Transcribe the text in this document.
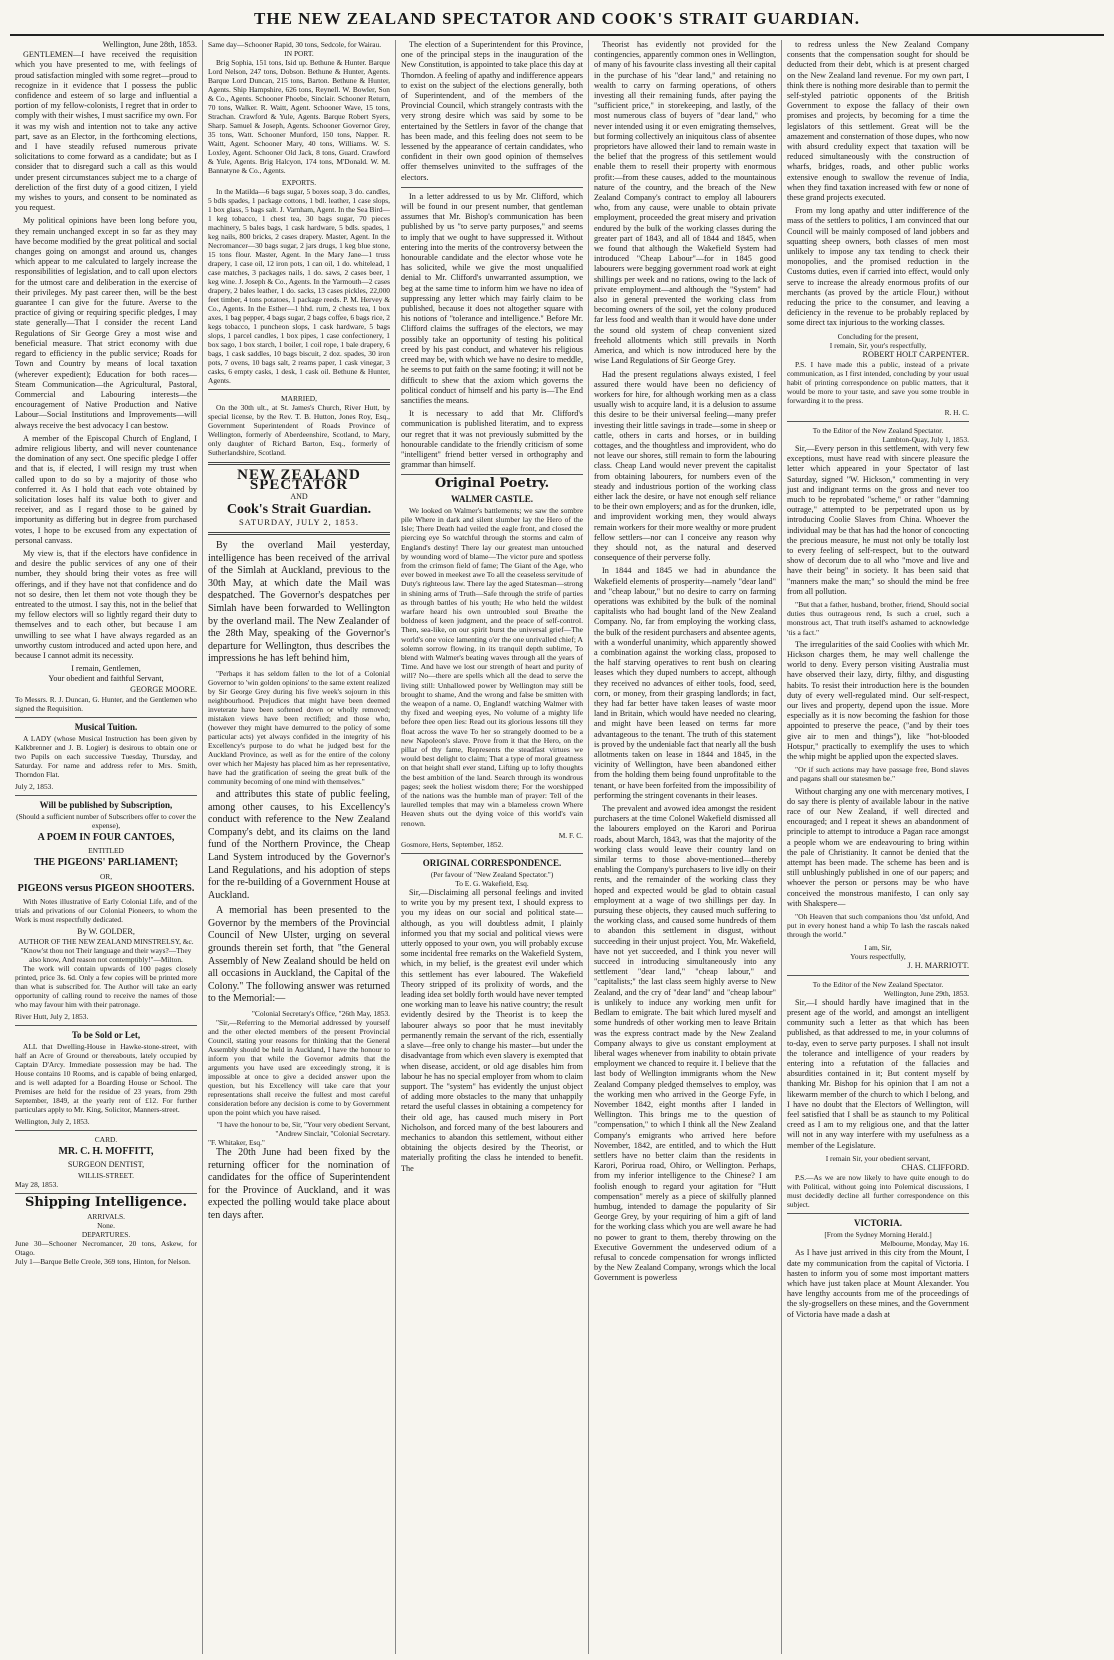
THE NEW ZEALAND SPECTATOR AND COOK'S STRAIT GUARDIAN.
Wellington, June 28th, 1853.

GENTLEMEN—I have received the requisition which you have presented to me, with feelings of proud satisfaction mingled with some regret—proud to recognize in it evidence that I possess the public confidence and esteem of so large and influential a portion of my fellow-colonists, I regret that in order to comply with their wishes, I must sacrifice my own. For it was my wish and intention not to take any active part, save as an Elector, in the forthcoming elections, and I have steadily refused numerous private solicitations to come forward as a candidate; but as I consider that to disregard such a call as this would under present circumstances subject me to a charge of dereliction of the first duty of a good citizen, I yield my wishes to yours, and consent to be nominated as you request.

My political opinions have been long before you, they remain unchanged except in so far as they may have become modified by the great political and social changes going on amongst and around us, changes which appear to me calculated to largely increase the responsibilities of legislation, and to call upon electors for the utmost care and deliberation in the exercise of their privileges. My past career then, will be the best guarantee I can give for the future. Averse to the practice of giving or requiring specific pledges, I may state generally—That I consider the recent Land Regulations of Sir George Grey a most wise and beneficial measure. That strict economy with due regard to efficiency in the public service; Roads for Town and Country by means of local taxation (wherever expedient); Education for both races—Steam Communication—the Agricultural, Pastoral, Commercial and Labouring interests—the encouragement of Native Production and Native Labour—Social Institutions and Improvements—will always receive the best advocacy I can bestow.

A member of the Episcopal Church of England, I admire religious liberty, and will never countenance the domination of any sect. One specific pledge I offer and that is, if elected, I will resign my trust when called upon to do so by a majority of those who conferred it. As I hold that each vote obtained by solicitation loses half its value both to giver and receiver, and as I regard those to be gained by importunity as differing but in degree from purchased votes, I hope to be excused from any expectation of personal canvass.

My view is, that if the electors have confidence in and desire the public services of any one of their number, they should bring their votes as free will offerings, and if they have not that confidence and do not so desire, then let them not vote though they be entreated to the utmost. I say this, not in the belief that my fellow electors will so lightly regard their duty to themselves and to each other, but because I am unwilling to see what I have always regarded as an unworthy custom introduced and acted upon here, and because I cannot admit its necessity.

I remain, Gentlemen,
Your obedient and faithful Servant,
GEORGE MOORE.
To Messrs. R. J. Duncan, G. Hunter, and the Gentlemen who signed the Requisition.
Musical Tuition.

A LADY (whose Musical Instruction has been given by Kalkbrenner and J. B. Logier) is desirous to obtain one or two Pupils on each successive Tuesday, Thursday, and Saturday. For name and address refer to Mrs. Smith, Thorndon Flat.

July 2, 1853.
Will be published by Subscription,
(Should a sufficient number of Subscribers offer to cover the expense),
A POEM IN FOUR CANTOES,
ENTITLED
THE PIGEONS' PARLIAMENT;
OR,
PIGEONS versus PIGEON SHOOTERS.

With Notes illustrative of Early Colonial Life, and of the trials and privations of our Colonial Pioneers, to whom the Work is most respectfully dedicated.

By W. GOLDER,
AUTHOR OF THE NEW ZEALAND MINSTRELSY, &c.
"Know'st thou not Their language and their ways?—They also know, And reason not contemptibly!"—Milton.

The work will contain upwards of 100 pages closely printed, price 3s. 6d. Only a few copies will be printed more than what is subscribed for. The Author will take an early opportunity of calling round to receive the names of those who may favour him with their patronage.

River Hutt, July 2, 1853.
To be Sold or Let,

ALL that Dwelling-House in Hawke-stone-street, with half an Acre of Ground or thereabouts, lately occupied by Captain D'Arcy. Immediate possession may be had. The House contains 10 Rooms, and is capable of being enlarged, and is well adapted for a Boarding House or School. The Premises are held for the residue of 23 years, from 29th September, 1849, at the yearly rent of £12. For further particulars apply to Mr. King, Solicitor, Manners-street.

Wellington, July 2, 1853.
CARD.
MR. C. H. MOFFITT,
SURGEON DENTIST,
WILLIS-STREET.
May 28, 1853.
Shipping Intelligence.
ARRIVALS.
None.
DEPARTURES.
June 30—Schooner Necromancer, 20 tons, Askew, for Otago.
July 1—Barque Belle Creole, 369 tons, Hinton, for Nelson.
Same day—Schooner Rapid, 30 tons, Sedcole, for Wairau.
IN PORT.

Brig Sophia, 151 tons, Isid up. Bethune & Hunter. Barque Lord Nelson, 247 tons, Dobson. Bethune & Hunter, Agents. Barque Lord Duncan, 215 tons, Barton. Bethune & Hunter, Agents. Ship Hampshire, 626 tons, Reynell. W. Bowler, Son & Co., Agents. Schooner Phoebe, Sinclair. Schooner Return, 70 tons, Walker. R. Waitt, Agent. Schooner Wave, 15 tons, Strachan. Crawford & Yule, Agents. Barque Robert Syers, Sharp. Samuel & Joseph, Agents. Schooner Governor Grey, 35 tons, Watt. Schooner Munford, 150 tons, Napper. R. Waitt, Agent. Schooner Mary, 40 tons, Williams. W. S. Loxley, Agent. Schooner Old Jack, 8 tons, Guard. Crawford & Yule, Agents. Brig Halcyon, 174 tons, M'Donald. W. M. Bannatyne & Co., Agents.

EXPORTS.

In the Matilda—6 bags sugar, 5 boxes soap, 3 do. candles, 5 bdls spades, 1 package cottons, 1 bdl. leather, 1 case slops, 1 box glass, 5 bags salt. J. Varnham, Agent. In the Sea Bird—1 keg tobacco, 1 chest tea, 30 bags sugar, 70 pieces machinery, 5 bales bags, 1 cask hardware, 5 bdls. spades, 1 keg nails, 800 bricks, 2 cases drapery. Master, Agent. In the Necromancer—30 bags sugar, 2 jars drugs, 1 keg blue stone, 15 tons flour. Master, Agent. In the Mary Jane—1 truss drapery, 1 case oil, 12 iron pots, 1 can oil, 1 do. whitelead, 1 case matches, 3 packages nails, 1 do. saws, 2 cases beer, 1 keg wine. J. Joseph & Co., Agents. In the Yarmouth—2 cases drapery, 2 bales leather, 1 do. sacks, 13 cases pickles, 22,000 feet timber, 4 tons potatoes, 1 package reeds. P. M. Hervey & Co., Agents. In the Esther—1 hhd. rum, 2 chests tea, 1 box axes, 1 bag pepper, 4 bags sugar, 2 bags coffee, 6 bags rice, 2 kegs tobacco, 1 puncheon slops, 1 cask hardware, 5 bags slops, 1 parcel candles, 1 box pipes, 1 case confectionery, 1 box sago, 1 box starch, 1 boiler, 1 coil rope, 1 bale drapery, 6 bags, 1 cask saddles, 10 bags biscuit, 2 doz. spades, 30 iron pots, 7 ovens, 10 bags salt, 2 reams paper, 1 cask vinegar, 3 casks, 6 empty casks, 1 desk, 1 cask oil. Bethune & Hunter, Agents.

MARRIED,

On the 30th ult., at St. James's Church, River Hutt, by special license, by the Rev. T. B. Hutton, Jones Roy, Esq., Government Superintendent of Roads Province of Wellington, formerly of Aberdeenshire, Scotland, to Mary, only daughter of Richard Barton, Esq., formerly of Sutherlandshire, Scotland.

NEW ZEALAND SPECTATOR
AND
Cook's Strait Guardian.
SATURDAY, JULY 2, 1853.

By the overland Mail yesterday, intelligence has been received of the arrival of the Simlah at Auckland, previous to the 30th May, at which date the Mail was despatched. The Governor's despatches per Simlah have been forwarded to Wellington by the overland mail. The New Zealander of the 28th May, speaking of the Governor's departure for Wellington, thus describes the impressions he has left behind him,

"Perhaps it has seldom fallen to the lot of a Colonial Governor to 'win golden opinions' to the same extent realized by Sir George Grey during his five week's sojourn in this neighbourhood. Prejudices that might have been deemed inveterate have been softened down or wholly removed; mistaken views have been rectified; and those who, (however they might have demurred to the policy of some particular acts) yet always confided in the integrity of his Excellency's purpose to do what he judged best for the Auckland Province, as well as for the entire of the colony over which her Majesty has placed him as her representative, have had the gratification of seeing the great bulk of the community becoming of one mind with themselves."

and attributes this state of public feeling, among other causes, to his Excellency's conduct with reference to the New Zealand Company's debt, and its claims on the land fund of the Northern Province, the Cheap Land System introduced by the Governor's Land Regulations, and his adoption of steps for the re-building of a Government House at Auckland.

A memorial has been presented to the Governor by the members of the Provincial Council of New Ulster, urging on several grounds therein set forth, that "the General Assembly of New Zealand should be held on all occasions in Auckland, the Capital of the Colony." The following answer was returned to the Memorial:—

"Colonial Secretary's Office, "26th May, 1853.

"Sir,—Referring to the Memorial addressed by yourself and the other elected members of the present Provincial Council, stating your reasons for thinking that the General Assembly should be held in Auckland, I have the honour to inform you that while the Governor admits that the arguments you have used are exceedingly strong, it is impossible at once to give a decided answer upon the question, but his Excellency will take care that your representations shall receive the fullest and most careful consideration before any decision is come to by Government upon the point which you have raised.

"I have the honour to be, Sir, "Your very obedient Servant, "Andrew Sinclair, "Colonial Secretary.
"F. Whitaker, Esq."

The 20th June had been fixed by the returning officer for the nomination of candidates for the office of Superintendent for the Province of Auckland, and it was expected the polling would take place about ten days after.

The election of a Superintendent for this Province, one of the principal steps in the inauguration of the New Constitution, is appointed to take place this day at Thorndon. A feeling of apathy and indifference appears to exist on the subject of the elections generally, both of Superintendent, and of the members of the Provincial Council, which strangely contrasts with the very strong desire which was said by some to be entertained by the Settlers in favor of the change that has been made, and this feeling does not seem to be lessened by the appearance of certain candidates, who confident in their own good opinion of themselves offer themselves uninvited to the suffrages of the electors.

In a letter addressed to us by Mr. Clifford, which will be found in our present number, that gentleman assumes that Mr. Bishop's communication has been published by us "to serve party purposes," and seems to imply that we ought to have suppressed it. Without entering into the merits of the controversy between the honourable candidate and the elector whose vote he has solicited, while we give the most unqualified denial to Mr. Clifford's unwarranted assumption, we beg at the same time to inform him we have no idea of suppressing any letter which may fairly claim to be published, because it does not altogether square with his notions of "tolerance and intelligence." Before Mr. Clifford claims the suffrages of the electors, we may possibly take an opportunity of testing his political creed by his past conduct, and whatever his religious creed may be, with which we have no desire to meddle, he seems to put faith on the same footing; it will not be difficult to shew that the axiom which governs the political conduct of himself and his party is—The End sanctifies the means.

It is necessary to add that Mr. Clifford's communication is published literatim, and to express our regret that it was not previously submitted by the honourable candidate to the friendly criticism of some "intelligent" friend better versed in orthography and grammar than himself.

Original Poetry.
WALMER CASTLE.

We looked on Walmer's battlements; we saw the sombre pile Where in dark and silent slumber lay the Hero of the Isle; There Death had veiled the eagle front, and closed the piercing eye So watchful through the storms and calm of England's destiny! There lay our greatest man untouched by wounding word of blame—The victor pure and spotless from the crimson field of fame; The Giant of the Age, who ever bowed in meekest awe To all the ceaseless servitude of Duty's righteous law. There lay the aged Statesman—strong in shining arms of Truth—Safe through the strife of parties as through battles of his youth; He who held the wildest warfare heard his own untroubled soul Breathe the boldness of keen judgment, and the peace of self-control. Then, sea-like, on our spirit burst the universal grief—The world's one voice lamenting o'er the one unrivalled chief; A solemn sorrow flowing, in its tranquil depth sublime, To blend with Walmer's beating waves through all the years of Time. And have we lost our strength of heart and purity of will? No—there are spells which all the dead to serve the living still: Unhallowed power by Wellington may still be brought to shame, And the wrong and false be smitten with the weapon of a name. O, England! watching Walmer with thy fixed and weeping eyes, No volume of a mighty life before thee open lies: Read out its glorious lessons till they float across the wave To her so strangely doomed to be a new Napoleon's slave. Prove from it that the Hero, on the pillar of thy fame, Represents the steadfast virtues we would best delight to claim; That a type of moral greatness on that height shall ever stand, Lifting up to lofty thoughts the best ambition of the land. Search through its wondrous pages; seek the holiest wisdom there; For the worshipped of the nations was the humble man of prayer: Tell of the laurelled temples that may win a blameless crown Where Heaven shuts out the dying voice of this world's vain renown.

M. F. C.
Gosmore, Herts, September, 1852.
ORIGINAL CORRESPONDENCE.
(Per favour of "New Zealand Spectator.")
To E. G. Wakefield, Esq.

Sir,—Disclaiming all personal feelings and invited to write you by my present text, I should express to you my ideas on our social and political state—although, as you will doubtless admit, I plainly informed you that my social and political views were utterly opposed to your own, you will probably excuse some incidental free remarks on the Wakefield System, which, in my belief, is the greatest evil under which this settlement has ever laboured. The Wakefield Theory stripped of its prolixity of words, and the leading idea set boldly forth would have never tempted one working man to leave his native country; the result evidently desired by the Theorist is to keep the labourer always so poor that he must inevitably permanently remain the servant of the rich, essentially a slave—free only to change his master—but under the disadvantage from which even slavery is exempted that when disease, accident, or old age disables him from labour he has no special employer from whom to claim support. The "system" has evidently the unjust object of adding more obstacles to the many that unhappily retard the useful classes in obtaining a competency for their old age, has caused much misery in Port Nicholson, and forced many of the best labourers and mechanics to abandon this settlement, without either obtaining the objects desired by the Theorist, or materially profiting the class he intended to benefit. The

Theorist has evidently not provided for the contingencies, apparently common ones in Wellington, of many of his favourite class investing all their capital in the purchase of his "dear land," and retaining no wealth to carry on farming operations, of others investing all their remaining funds, after paying the "sufficient price," in storekeeping, and lastly, of the most numerous class of buyers of "dear land," who never intended using it or even emigrating themselves, but forming collectively an iniquitous class of absentee proprietors have allowed their land to remain waste in the belief that the progress of this settlement would enable them to resell their property with enormous profit:—from these causes, added to the mountainous nature of the country, and the breach of the New Zealand Company's contract to employ all labourers who, from any cause, were unable to obtain private employment, proceeded the great misery and privation endured by the bulk of the working classes during the greater part of 1843, and all of 1844 and 1845, when we found that although the Wakefield System had introduced "Cheap Labour"—for in 1845 good labourers were begging government road work at eight shillings per week and no rations, owing to the lack of private employment—and although the "System" had also in general prevented the working class from becoming owners of the soil, yet the colony produced far less food and wealth than it would have done under the sound old system of cheap convenient sized freehold allotments which still prevails in North America, and which is now introduced here by the wise Land Regulations of Sir George Grey.

Had the present regulations always existed, I feel assured there would have been no deficiency of workers for hire, for although working men as a class usually wish to acquire land, it is a delusion to assume this desire to be their universal feeling—many prefer investing their little savings in trade—some in sheep or cattle, others in carts and horses, or in building cottages, and the thoughtless and improvident, who do not leave our shores, still remain to form the labouring class. Cheap Land would never prevent the capitalist from obtaining labourers, for numbers even of the steady and industrious portion of the working class either lack the desire, or have not enough self reliance to be their own employers; and as for the drunken, idle, and improvident working men, they would always remain workers for their more wealthy or more prudent fellow settlers—nor can I conceive any reason why they should not, as the natural and deserved consequence of their perverse folly.

In 1844 and 1845 we had in abundance the Wakefield elements of prosperity—namely "dear land" and "cheap labour," but no desire to carry on farming operations was exhibited by the bulk of the nominal capitalists who had bought land of the New Zealand Company. No, far from employing the working class, the bulk of the resident purchasers and absentee agents, with a wonderful unanimity, which apparently showed a combination against the working class, proposed to the half starving operatives to rent bush on clearing leases which they duped numbers to accept, although they received no advances of either tools, food, seed, corn, or money, from their grasping landlords; in fact, they had far better have taken leases of waste moor land in Britain, which would have needed no clearing, and might have been leased on terms far more advantageous to the tenant. The truth of this statement is proved by the undeniable fact that nearly all the bush allotments taken on lease in 1844 and 1845, in the vicinity of Wellington, have been abandoned either from the holding them being found unprofitable to the tenant, or have been forfeited from the impossibility of performing the stringent covenants in their leases.

The prevalent and avowed idea amongst the resident purchasers at the time Colonel Wakefield dismissed all the labourers employed on the Karori and Porirua roads, about March, 1843, was that the majority of the working class would leave their country land on similar terms to those above-mentioned—thereby enabling the Company's purchasers to live idly on their rents, and the remainder of the working class they hoped and expected would be glad to obtain casual employment at a wage of two shillings per day. In pursuing these objects, they caused much suffering to the working class, and caused some hundreds of them to abandon this settlement in disgust, without succeeding in their unjust project. You, Mr. Wakefield, have not yet succeeded, and I think you never will succeed in introducing simultaneously into any settlement "dear land," "cheap labour," and "capitalists;" the last class seem highly averse to New Zealand, and the cry of "dear land" and "cheap labour" is unlikely to induce any working men unfit for Bedlam to emigrate. The bait which lured myself and some hundreds of other working men to leave Britain was the express contract made by the New Zealand Company always to give us constant employment at liberal wages whenever from inability to obtain private employment we chanced to require it. I believe that the last body of Wellington immigrants whom the New Zealand Company pledged themselves to employ, was the working men who arrived in the George Fyfe, in November 1842, eight months after I landed in Wellington. This brings me to the question of "compensation," to which I think all the New Zealand Company's emigrants who arrived here before November, 1842, are entitled, and to which the Hutt settlers have no better claim than the residents in Karori, Porirua road, Ohiro, or Wellington. Perhaps, from my inferior intelligence to the Chinese? I am foolish enough to regard your agitation for "Hutt compensation" merely as a piece of skilfully planned humbug, intended to damage the popularity of Sir George Grey, by your requiring of him a gift of land for the working class which you are well aware he had no power to grant to them, thereby throwing on the Executive Government the undeserved odium of a refusal to concede compensation for wrongs inflicted by the New Zealand Company, wrongs which the local Government is powerless

to redress unless the New Zealand Company consents that the compensation sought for should be deducted from their debt, which is at present charged on the New Zealand land revenue. For my own part, I think there is nothing more desirable than to permit the self-styled patriotic opponents of the British Government to expose the fallacy of their own promises and projects, by becoming for a time the legislators of this settlement. Great will be the amazement and consternation of those dupes, who now with absurd credulity expect that taxation will be reduced simultaneously with the construction of wharfs, bridges, roads, and other public works extensive enough to swallow the revenue of India, when they find taxation increased with few or none of these grand projects executed.

From my long apathy and utter indifference of the mass of the settlers to politics, I am convinced that our Council will be mainly composed of land jobbers and squatting sheep owners, both classes of men most unlikely to impose any tax tending to check their monopolies, and the promised reduction in the Customs duties, even if carried into effect, would only serve to increase the already enormous profits of our merchants (as proved by the article Flour,) without reducing the price to the consumer, and leaving a deficiency in the revenue to be probably replaced by some direct tax injurious to the working classes.

Concluding for the present,
I remain, Sir, your's respectfully,
ROBERT HOLT CARPENTER.

P.S. I have made this a public, instead of a private communication, as I first intended, concluding by your usual habit of printing correspondence on public matters, that it would be more to your taste, and save you some trouble in forwarding it to the press.

R. H. C.
To the Editor of the New Zealand Spectator.
Lambton-Quay, July 1, 1853.

Sir,—Every person in this settlement, with very few exceptions, must have read with sincere pleasure the letter which appeared in your Spectator of last Saturday, signed "W. Hickson," commenting in very just and indignant terms on the gross and never too much to be reprobated "scheme," or rather "damning outrage," attempted to be perpetrated upon us by introducing Coolie Slaves from China. Whoever the individual may be that has had the honor of concocting the precious measure, he must not only be totally lost to every feeling of self-respect, but to the outward show of decorum due to all who "move and live and have their being" in society. It has been said that "manners make the man;" so should the mind be free from all pollution.

"But that a father, husband, brother, friend, Should social duties thus outrageous rend, Is such a cruel, such a monstrous act, That truth itself's ashamed to acknowledge 'tis a fact."

The irregularities of the said Coolies with which Mr. Hickson charges them, he may well challenge the world to deny. Every person visiting Australia must have observed their lazy, dirty, filthy, and disgusting habits. To resist their introduction here is the bounden duty of every well-regulated mind. Our self-respect, our lives and property, depend upon the issue. More especially as it is now becoming the fashion for those appointed to preserve the peace, ("and by their toes give air to men and things"), like "hot-blooded Hotspur," practically to exemplify the uses to which the whip might be applied upon the expected slaves.

"Or if such actions may have passage free, Bond slaves and pagans shall our statesmen be."

Without charging any one with mercenary motives, I do say there is plenty of available labour in the native race of our New Zealand, if well directed and encouraged; and I repeat it shews an abandonment of principle to attempt to introduce a Pagan race amongst a people whom we are endeavouring to bring within the pale of Christianity. It cannot be denied that the attempt has been made. The scheme has been and is still unblushingly published in one of our papers; and whoever the person or persons may be who have conceived the monstrous manifesto, I can only say with Shakspere—

"Oh Heaven that such companions thou 'dst unfold, And put in every honest hand a whip To lash the rascals naked through the world."

I am, Sir,
Yours respectfully,
J. H. MARRIOTT.
To the Editor of the New Zealand Spectator.
Wellington, June 29th, 1853.

Sir,—I should hardly have imagined that in the present age of the world, and amongst an intelligent community such a letter as that which has been published, as that addressed to me, in your columns of to-day, even to serve party purposes. I shall not insult the tolerance and intelligence of your readers by entering into a refutation of the fallacies and absurdities contained in it; But content myself by thanking Mr. Bishop for his opinion that I am not a likewarm member of the church to which I belong, and I have no doubt that the Electors of Wellington, will feel satisfied that I shall be as staunch to my Political creed as I am to my religious one, and that the latter will not in any way interfere with my usefulness as a member of the Legislature.

I remain Sir, your obedient servant,
CHAS. CLIFFORD.

P.S.—As we are now likely to have quite enough to do with Political, without going into Polemical discussions, I must decidedly decline all further correspondence on this subject.

VICTORIA.
[From the Sydney Morning Herald.]
Melbourne, Monday, May 16.

As I have just arrived in this city from the Mount, I date my communication from the capital of Victoria. I hasten to inform you of some most important matters which have just taken place at Mount Alexander. You have lengthy accounts from me of the proceedings of the sly-grogsellers on these mines, and the Government of Victoria have made a dash at
